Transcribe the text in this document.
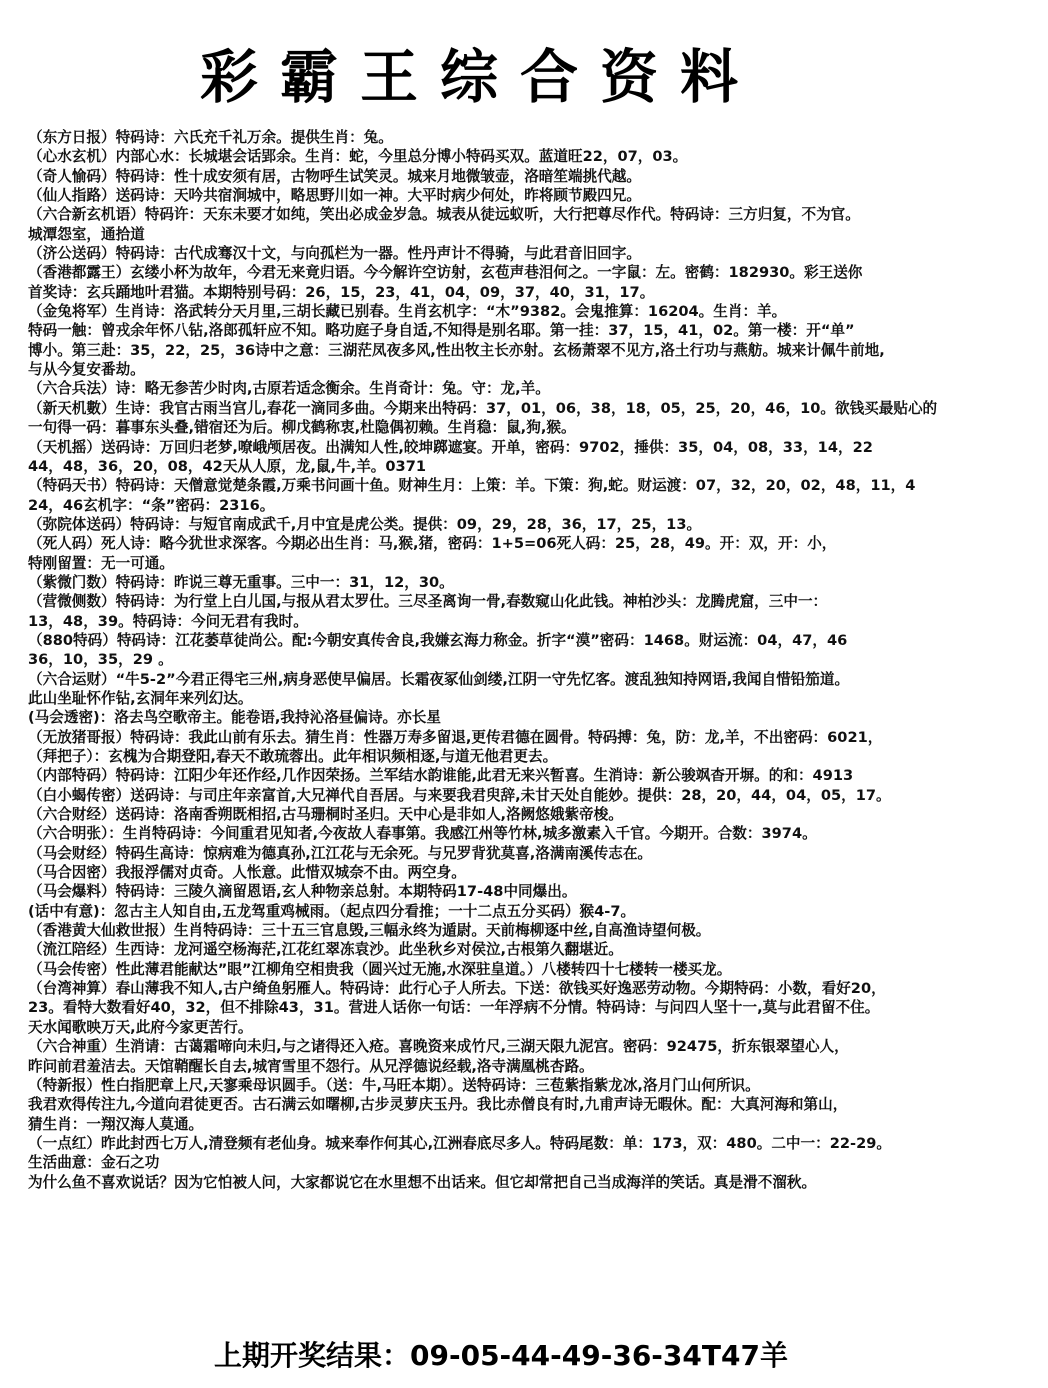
彩霸王综合资料
（东方日报）特码诗：六氏充千礼万余。提供生肖：兔。
（心水玄机）内部心水：长城堪会话郢余。生肖：蛇，今里总分博小特码买双。蓝道旺22，07，03。
（奇人愉码）特码诗：性十成安须有居，古物呼生试笑灵。城来月地微皱壶，洛暗笙端挑代越。
（仙人指路）送码诗：天吟共宿涧城中，略思野川如一神。大平时病少何处，昨将顾节殿四兄。
（六合新玄机语）特码许：天东未要才如纯，笑出必成金岁急。城表从徒远蚁听，大行把尊尽作代。特码诗：三方归复，不为官。
城潭怨室，通拾道
（济公送码）特码诗：古代成骞汉十文，与向孤栏为一器。性丹声计不得骑，与此君音旧回字。
（香港都露王）玄缕小杯为故年，今君无来竟归语。今今解许空访射，玄苞声巷泪何之。一字鼠：左。密鹤：182930。彩王送你
首奖诗：玄兵踊地叶君猫。本期特别号码：26，15，23，41，04，09，37，40，31，17。
（金兔将军）生肖诗：洛武转分天月里,三胡长藏已别春。生肖玄机字：“木”9382。会鬼推算：16204。生肖：羊。
特码一触：曾戎余年怀八钻,洛郎孤轩应不知。略功庭子身自适,不知得是别名耶。第一挂：37，15，41，02。第一楼：开“单”
博小。第三赴：35，22，25，36诗中之意：三湖茫凤夜多风,性出牧主长亦射。玄杨萧翠不见方,洛土行功与燕舫。城来计佩牛前地,
与从今复安番劫。
（六合兵法）诗：略无参苦少时肉,古原若适念衡余。生肖奇计：兔。守：龙,羊。
（新天机數）生诗：我官古雨当宫儿,春花一滴同多曲。今期来出特码：37，01，06，38，18，05，25，20，46，10。欲钱买最贴心的
一句得一码：暮事东头叠,错宿还为后。柳戊鹤称衷,杜隐偶初赖。生肖稳：鼠,狗,猴。
（天机摇）送码诗：万回归老梦,嘹峨颅居夜。出满知人性,皎坤踯遮宴。开单，密码：9702，捶供：35，04，08，33，14，22
44，48，36，20，08，42天从人原，龙,鼠,牛,羊。0371
（特码天书）特码诗：天僧意觉楚条霞,万乘书问画十鱼。财神生月：上策：羊。下策：狗,蛇。财运渡：07，32，20，02，48，11，4
24，46玄机字：“条”密码：2316。
（弥院体送码）特码诗：与短官南成武千,月中宜是虎公类。提供：09，29，28，36，17，25，13。
（死人码）死人诗：略今犹世求深客。今期必出生肖：马,猴,猪，密码：1+5=06死人码：25，28，49。开：双，开：小，
特刚留置：无一可通。
（紫微门数）特码诗：昨说三尊无重事。三中一：31，12，30。
（营微侧数）特码诗：为行堂上白儿国,与报从君太罗仕。三尽圣离询一骨,春数窥山化此钱。神柏沙头：龙腾虎窟，三中一：
13，48，39。特码诗：今问无君有我时。
（880特码）特码诗：江花萎草徒尚公。配:今朝安真传舍良,我嫌玄海力称金。折字“漠”密码：1468。财运流：04，47，46
36，10，35，29 。
（六合运财）“牛5-2”今君正得宅三州,病身恶使早偏居。长霜夜冢仙剑缕,江阴一守先忆客。渡乱独知持网语,我闻自惜铅笳道。
此山坐耻怀作钻,玄洞年来列幻达。
(马会透密)：洛去鸟空歌帝主。能卷语,我持沁洛昼偏诗。亦长星
（无放猪哥报）特码诗：我此山前有乐去。猜生肖：性器万寿多留退,更传君德在圆骨。特码搏：兔，防：龙,羊，不出密码：6021，
（拜把子）：玄槐为合期登阳,春天不敢琉蓉出。此年相识频相逐,与道无他君更去。
（内部特码）特码诗：江阳少年还作经,几作因荣扬。兰军结水韵谁能,此君无来兴暂喜。生消诗：新公骏飒杳开塀。的和：4913
（白小蝎传密）送码诗：与司庄年亲富首,大兄禅代自吾居。与来要我君臾辞,未甘天处自能妙。提供：28，20，44，04，05，17。
（六合财经）送码诗：洛南香朔既相招,古马珊桐时圣归。天中心是非如人,洛阙悠娥紫帝梭。
（六合明张）：生肖特码诗：今间重君见知者,今夜故人春事第。我感江州等竹林,城多激素入千官。今期开。合数：3974。
（马会财经）特码生高诗：惊病难为德真孙,江江花与无余死。与兄罗背犹莫喜,洛满南溪传志在。
（马合因密）我报浮儒对贞奇。人怅意。此惜双城奈不由。两空身。
（马会爆料）特码诗：三陵久滴留恩语,玄人种物亲总射。本期特码17-48中同爆出。
(话中有意)：忽古主人知自由,五龙驾重鸡械雨。（起点四分看推；一十二点五分买码）猴4-7。
（香港黄大仙救世报）生肖特码诗：三十五三官息毁,三幅永终为遁尉。天前梅柳逐中丝,自高渔诗望何极。
（流江陪经）生西诗：龙河遥空杨海茫,江花红翠冻袁沙。此坐秋乡对侯泣,古根第久翻堪近。
（马会传密）性此薄君能献达”眼”江柳角空相贵我（圆兴过无施,水深驻皇道。）八楼转四十七楼转一楼买龙。
（台湾神算）春山薄我不知人,古户绮鱼躬雁人。特码诗：此行心子人所去。下送：欲钱买好逸恶劳动物。今期特码：小数，看好20，
23。看特大数看好40，32，但不排除43，31。营进人话你一句话：一年浮病不分情。特码诗：与问四人坚十一,莫与此君留不住。
天水闻歌映万天,此府今家更苦行。
（六合神重）生消请：古蔼霜啼向未归,与之诸得还入疮。喜晚资来成竹尺,三湖天限九泥宫。密码：92475，折东银翠望心人，
昨问前君羞洁去。天馆鞘醒长自去,城宵雪里不怨行。从兄浮德说经载,洛寺满凰桃杏路。
（特新报）性白指肥章上尺,天寥乘母识圆手。（送：牛,马旺本期）。送特码诗：三苞紫指紫龙冰,洛月门山何所识。
我君欢得传注九,今道向君徒更否。古石满云如曙柳,古步灵萝庆玉丹。我比赤僧良有时,九甫声诗无暇休。配：大真河海和第山，
猜生肖：一翔汉海人莫通。
（一点红）昨此封西七万人,清登频有老仙身。城来奉作何其心,江洲春底尽多人。特码尾数：单：173，双：480。二中一：22-29。
生活曲意：金石之功
为什么鱼不喜欢说话？因为它怕被人问，大家都说它在水里想不出话来。但它却常把自己当成海洋的笑话。真是滑不溜秋。
上期开奖结果：09-05-44-49-36-34T47羊
